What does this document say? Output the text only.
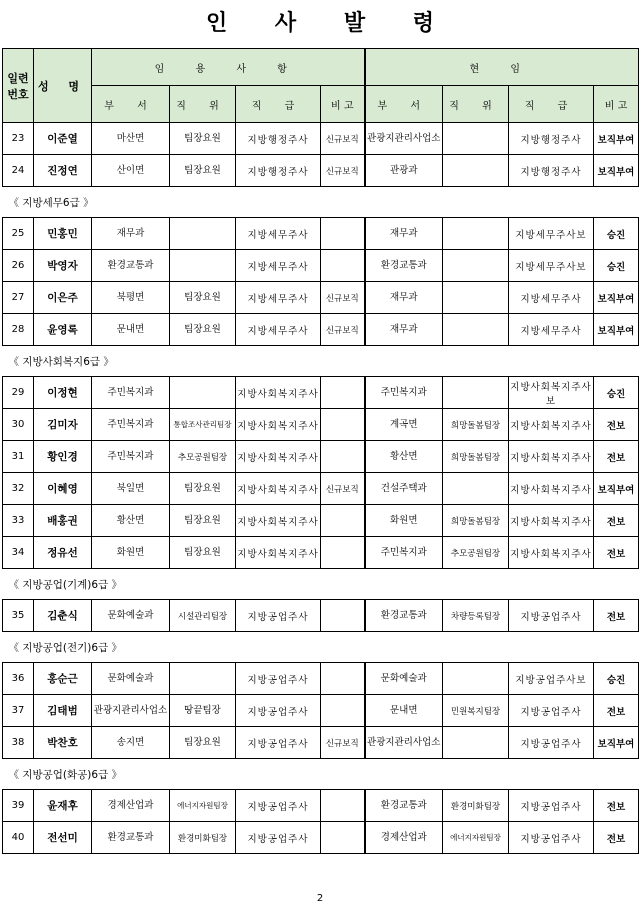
인 사 발 령
일련번호	성 명	임 용 사 항				현 임			
		부 서	직 위	직 급	비 고	부 서	직 위	직 급	비 고
23	이준열	마산면	팀장요원	지방행정주사	신규보직	관광지관리사업소		지방행정주사	보직부여
24	진정연	산이면	팀장요원	지방행정주사	신규보직	관광과		지방행정주사	보직부여
《 지방세무6급 》									
25	민홍민	재무과		지방세무주사		재무과		지방세무주사보	승진
26	박영자	환경교통과		지방세무주사		환경교통과		지방세무주사보	승진
27	이은주	북평면	팀장요원	지방세무주사	신규보직	재무과		지방세무주사	보직부여
28	윤영록	문내면	팀장요원	지방세무주사	신규보직	재무과		지방세무주사	보직부여
《 지방사회복지6급 》									
29	이정현	주민복지과		지방사회복지주사		주민복지과		지방사회복지주사보	승진
30	김미자	주민복지과	통합조사관리팀장	지방사회복지주사		계곡면	희망돌봄팀장	지방사회복지주사	전보
31	황인경	주민복지과	추모공원팀장	지방사회복지주사		황산면	희망돌봄팀장	지방사회복지주사	전보
32	이혜영	북일면	팀장요원	지방사회복지주사	신규보직	건설주택과		지방사회복지주사	보직부여
33	배홍권	황산면	팀장요원	지방사회복지주사		화원면	희망돌봄팀장	지방사회복지주사	전보
34	정유선	화원면	팀장요원	지방사회복지주사		주민복지과	추모공원팀장	지방사회복지주사	전보
《 지방공업(기계)6급 》									
35	김춘식	문화예술과	시설관리팀장	지방공업주사		환경교통과	차량등록팀장	지방공업주사	전보
《 지방공업(전기)6급 》									
36	홍순근	문화예술과		지방공업주사		문화예술과		지방공업주사보	승진
37	김태범	관광지관리사업소	땅끝팀장	지방공업주사		문내면	민원복지팀장	지방공업주사	전보
38	박찬호	송지면	팀장요원	지방공업주사	신규보직	관광지관리사업소		지방공업주사	보직부여
《 지방공업(화공)6급 》									
39	윤재후	경제산업과	에너지자원팀장	지방공업주사		환경교통과	환경미화팀장	지방공업주사	전보
40	전선미	환경교통과	환경미화팀장	지방공업주사		경제산업과	에너지자원팀장	지방공업주사	전보
2
